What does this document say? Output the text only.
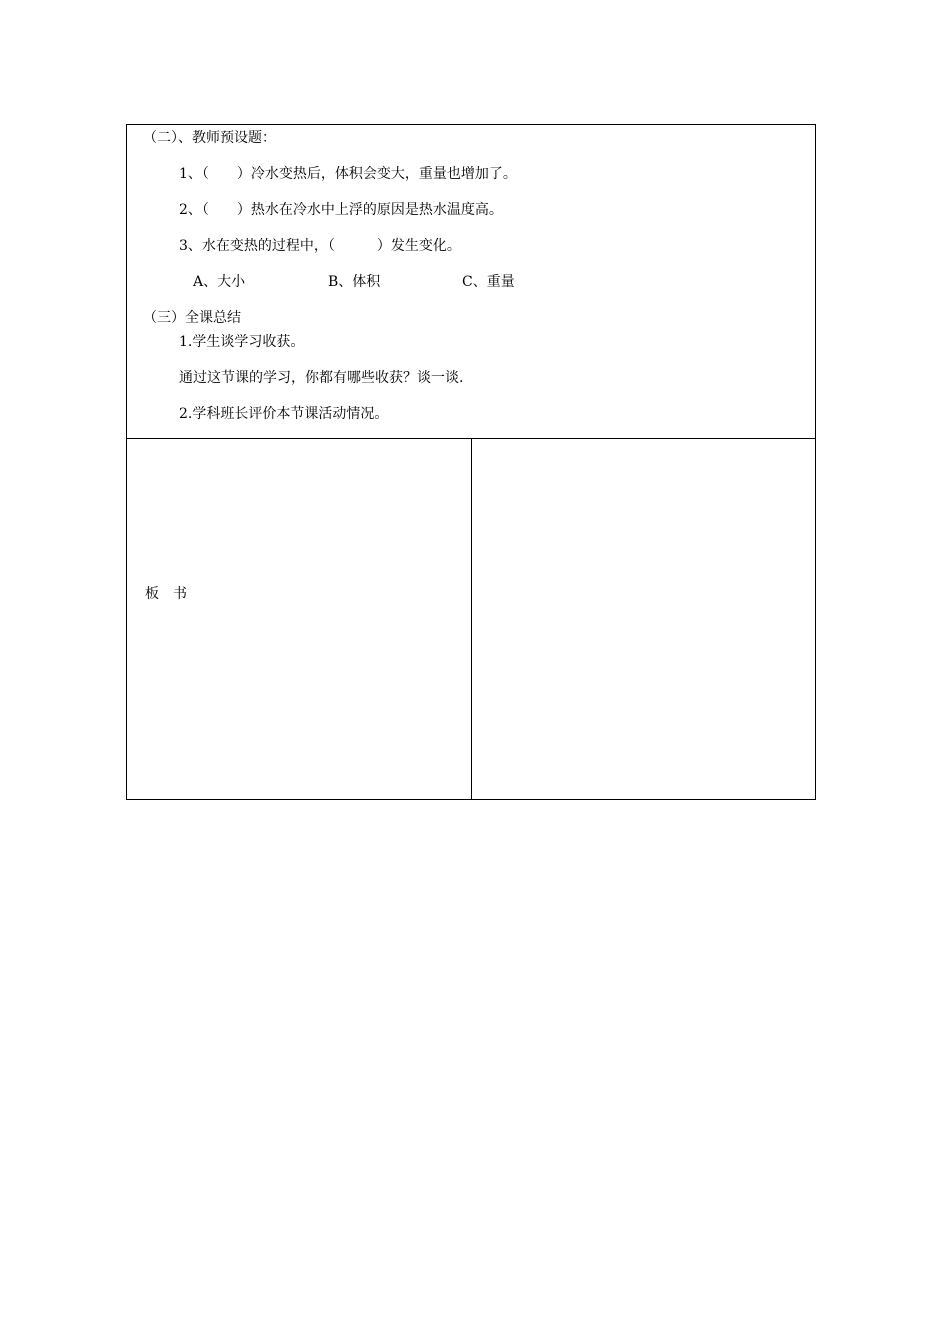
（二）、教师预设题：
1、（　　）冷水变热后，体积会变大，重量也增加了。
2、（　　）热水在冷水中上浮的原因是热水温度高。
3、水在变热的过程中，（　　　）发生变化。
A、大小	B、体积	C、重量
（三）全课总结
1.学生谈学习收获。
通过这节课的学习，你都有哪些收获？谈一谈.
2.学科班长评价本节课活动情况。

板　书
